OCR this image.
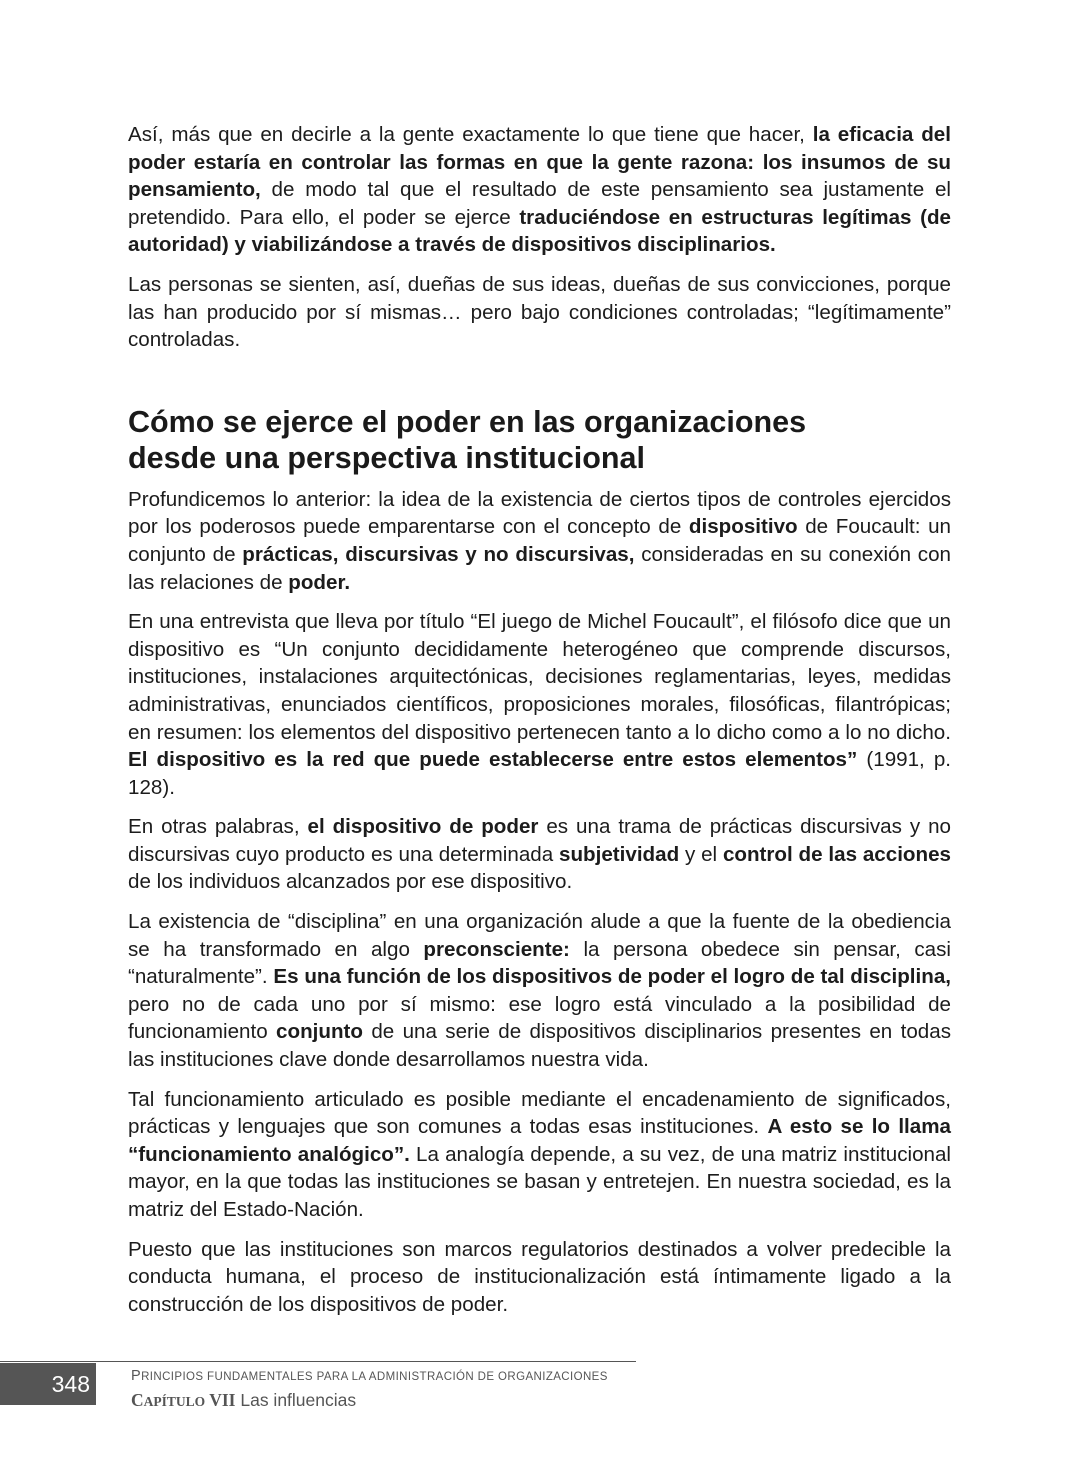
Así, más que en decirle a la gente exactamente lo que tiene que hacer, la eficacia del poder estaría en controlar las formas en que la gente razona: los insumos de su pensamiento, de modo tal que el resultado de este pensamiento sea justamente el pretendido. Para ello, el poder se ejerce traduciéndose en estructuras legítimas (de autoridad) y viabilizándose a través de dispositivos disciplinarios.

Las personas se sienten, así, dueñas de sus ideas, dueñas de sus convicciones, porque las han producido por sí mismas… pero bajo condiciones controladas; “legítimamente” controladas.

Cómo se ejerce el poder en las organizaciones
desde una perspectiva institucional

Profundicemos lo anterior: la idea de la existencia de ciertos tipos de controles ejercidos por los poderosos puede emparentarse con el concepto de dispositivo de Foucault: un conjunto de prácticas, discursivas y no discursivas, consideradas en su conexión con las relaciones de poder.

En una entrevista que lleva por título “El juego de Michel Foucault”, el filósofo dice que un dispositivo es “Un conjunto decididamente heterogéneo que comprende discursos, instituciones, instalaciones arquitectónicas, decisiones reglamentarias, leyes, medidas administrativas, enunciados científicos, proposiciones morales, filosóficas, filantrópicas; en resumen: los elementos del dispositivo pertenecen tanto a lo dicho como a lo no dicho. El dispositivo es la red que puede establecerse entre estos elementos” (1991, p. 128).

En otras palabras, el dispositivo de poder es una trama de prácticas discursivas y no discursivas cuyo producto es una determinada subjetividad y el control de las acciones de los individuos alcanzados por ese dispositivo.

La existencia de “disciplina” en una organización alude a que la fuente de la obediencia se ha transformado en algo preconsciente: la persona obedece sin pensar, casi “naturalmente”. Es una función de los dispositivos de poder el logro de tal disciplina, pero no de cada uno por sí mismo: ese logro está vinculado a la posibilidad de funcionamiento conjunto de una serie de dispositivos disciplinarios presentes en todas las instituciones clave donde desarrollamos nuestra vida.

Tal funcionamiento articulado es posible mediante el encadenamiento de significados, prácticas y lenguajes que son comunes a todas esas instituciones. A esto se lo llama “funcionamiento analógico”. La analogía depende, a su vez, de una matriz institucional mayor, en la que todas las instituciones se basan y entretejen. En nuestra sociedad, es la matriz del Estado-Nación.

Puesto que las instituciones son marcos regulatorios destinados a volver predecible la conducta humana, el proceso de institucionalización está íntimamente ligado a la construcción de los dispositivos de poder.

348	PRINCIPIOS FUNDAMENTALES PARA LA ADMINISTRACIÓN DE ORGANIZACIONES
CAPÍTULO VII Las influencias
